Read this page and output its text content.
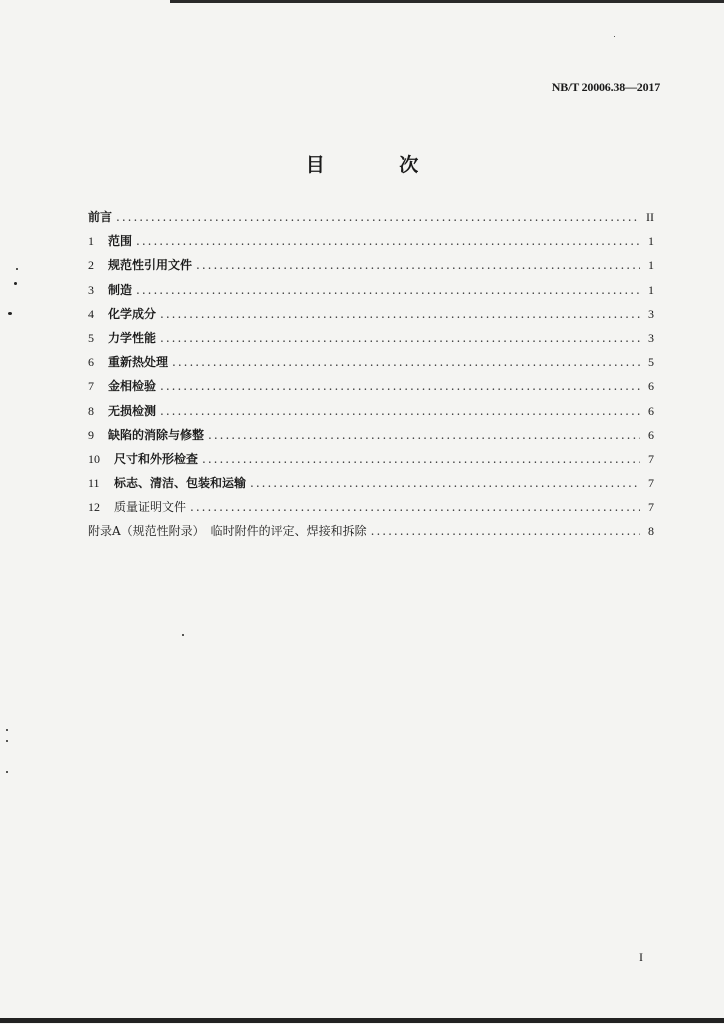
NB/T 20006.38—2017
目 次
前言 .....	II
1	范围 .....	1
2	规范性引用文件 .....	1
3	制造 .....	1
4	化学成分 .....	3
5	力学性能 .....	3
6	重新热处理 .....	5
7	金相检验 .....	6
8	无损检测 .....	6
9	缺陷的消除与修整 .....	6
10	尺寸和外形检查 .....	7
11	标志、清洁、包装和运输 .....	7
12	质量证明文件 .....	7
附录A（规范性附录）　临时附件的评定、焊接和拆除 .....	8
I
